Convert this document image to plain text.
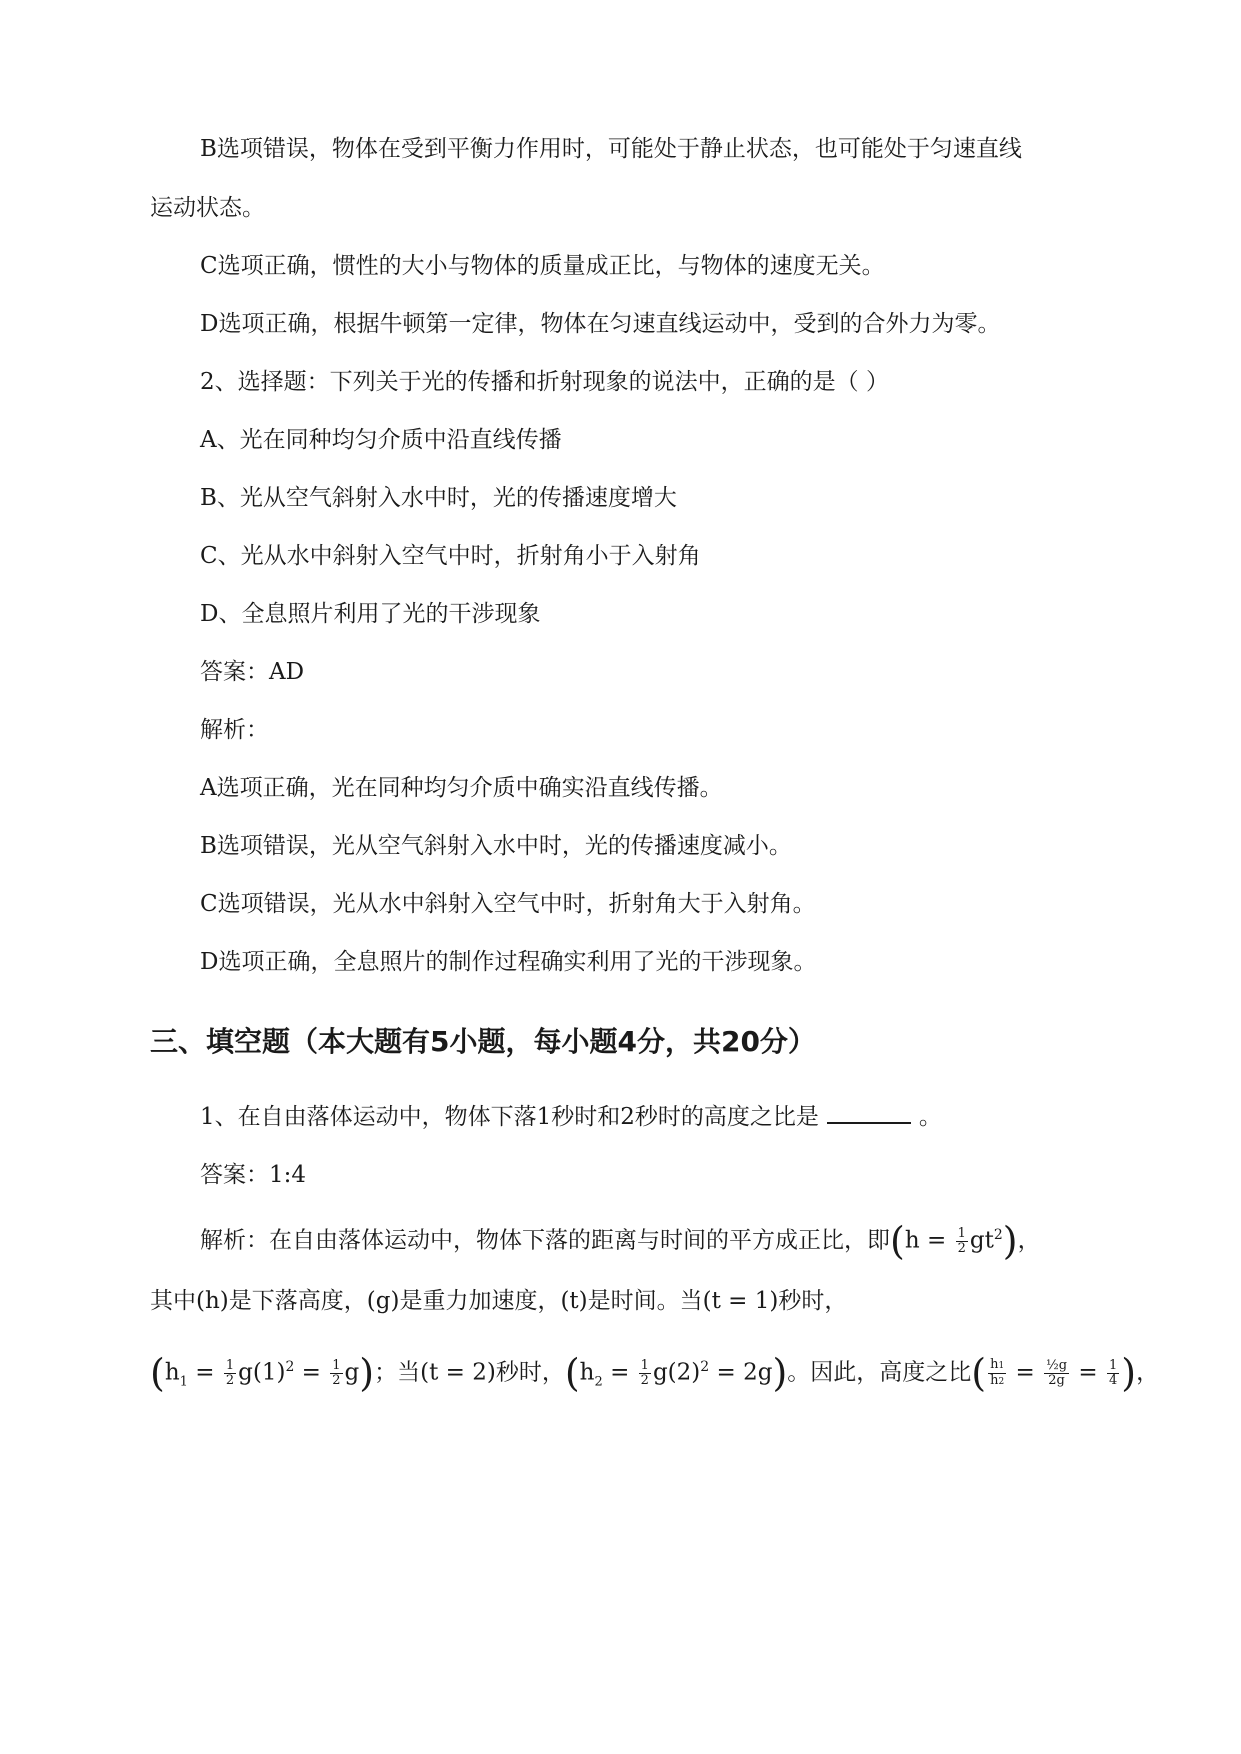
B选项错误，物体在受到平衡力作用时，可能处于静止状态，也可能处于匀速直线
运动状态。
C选项正确，惯性的大小与物体的质量成正比，与物体的速度无关。
D选项正确，根据牛顿第一定律，物体在匀速直线运动中，受到的合外力为零。
2、选择题：下列关于光的传播和折射现象的说法中，正确的是（ ）
A、光在同种均匀介质中沿直线传播
B、光从空气斜射入水中时，光的传播速度增大
C、光从水中斜射入空气中时，折射角小于入射角
D、全息照片利用了光的干涉现象
答案：AD
解析：
A选项正确，光在同种均匀介质中确实沿直线传播。
B选项错误，光从空气斜射入水中时，光的传播速度减小。
C选项错误，光从水中斜射入空气中时，折射角大于入射角。
D选项正确，全息照片的制作过程确实利用了光的干涉现象。
三、填空题（本大题有5小题，每小题4分，共20分）
1、在自由落体运动中，物体下落1秒时和2秒时的高度之比是	。
答案：1:4
解析：在自由落体运动中，物体下落的距离与时间的平方成正比，即$(h = \frac{1}{2} gt^2)$，
其中(h)是下落高度，(g)是重力加速度，(t)是时间。当(t = 1)秒时，
$(h_1 = \frac{1}{2} g(1)^2 = \frac{1}{2} g)$；当(t = 2)秒时，$(h_2 = \frac{1}{2} g(2)^2 = 2g)$。因此，高度之比( $\frac{h1}{h2} = \frac{\text{½g}}{2g} = \frac{1}{4}$ )，
